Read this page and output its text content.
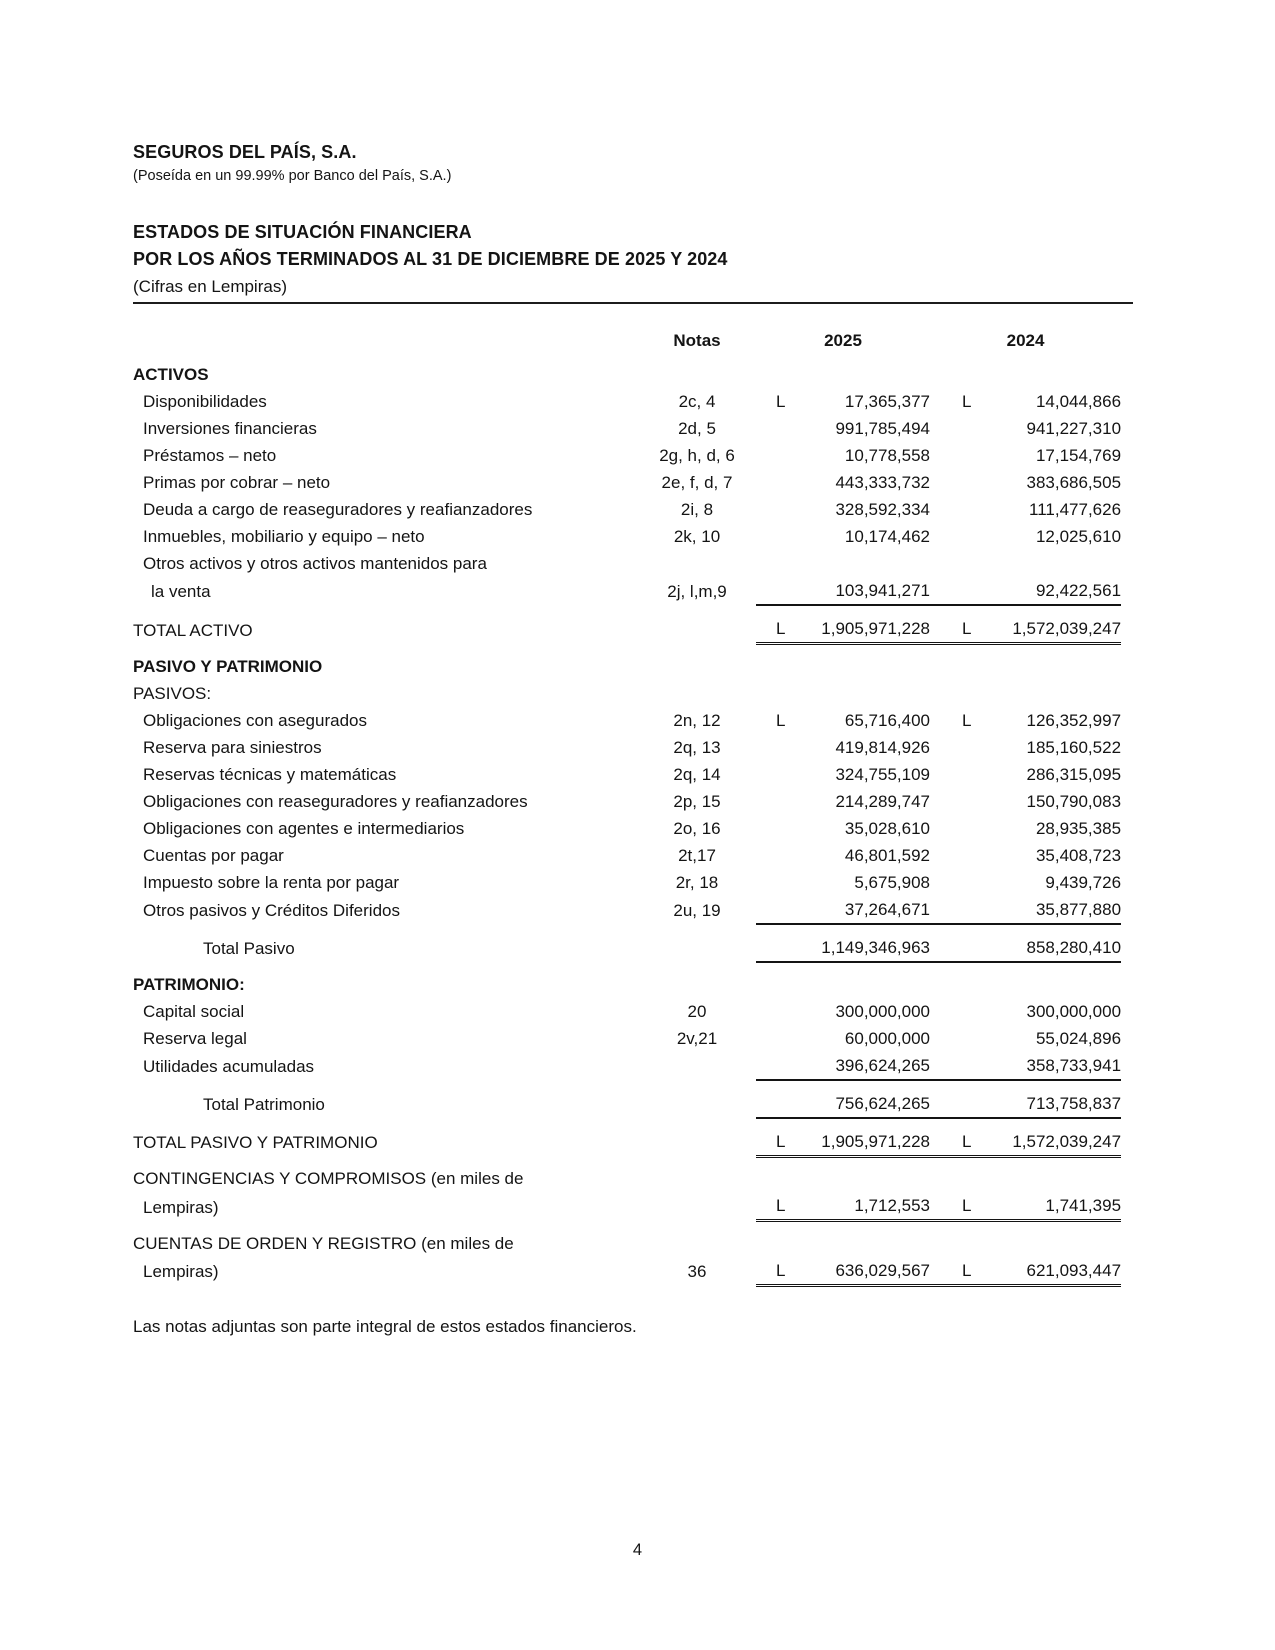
SEGUROS DEL PAÍS, S.A.
(Poseída en un 99.99% por Banco del País, S.A.)
ESTADOS DE SITUACIÓN FINANCIERA
POR LOS AÑOS TERMINADOS AL 31 DE DICIEMBRE DE 2025 Y 2024
(Cifras en Lempiras)
	Notas	2025		2024	
ACTIVOS					
Disponibilidades	2c, 4	L	17,365,377	L	14,044,866
Inversiones financieras	2d, 5		991,785,494		941,227,310
Préstamos – neto	2g, h, d, 6		10,778,558		17,154,769
Primas por cobrar – neto	2e, f, d, 7		443,333,732		383,686,505
Deuda a cargo de reaseguradores y reafianzadores	2i, 8		328,592,334		111,477,626
Inmuebles, mobiliario y equipo – neto	2k, 10		10,174,462		12,025,610
Otros activos y otros activos mantenidos para					
la venta	2j, l,m,9		103,941,271		92,422,561
TOTAL ACTIVO		L	1,905,971,228	L	1,572,039,247
PASIVO Y PATRIMONIO					
PASIVOS:					
Obligaciones con asegurados	2n, 12	L	65,716,400	L	126,352,997
Reserva para siniestros	2q, 13		419,814,926		185,160,522
Reservas técnicas y matemáticas	2q, 14		324,755,109		286,315,095
Obligaciones con reaseguradores y reafianzadores	2p, 15		214,289,747		150,790,083
Obligaciones con agentes e intermediarios	2o, 16		35,028,610		28,935,385
Cuentas por pagar	2t,17		46,801,592		35,408,723
Impuesto sobre la renta por pagar	2r, 18		5,675,908		9,439,726
Otros pasivos y Créditos Diferidos	2u, 19		37,264,671		35,877,880
Total Pasivo			1,149,346,963		858,280,410
PATRIMONIO:					
Capital social	20		300,000,000		300,000,000
Reserva legal	2v,21		60,000,000		55,024,896
Utilidades acumuladas			396,624,265		358,733,941
Total Patrimonio			756,624,265		713,758,837
TOTAL PASIVO Y PATRIMONIO		L	1,905,971,228	L	1,572,039,247
CONTINGENCIAS Y COMPROMISOS (en miles de					
Lempiras)		L	1,712,553	L	1,741,395
CUENTAS DE ORDEN Y REGISTRO (en miles de					
Lempiras)	36	L	636,029,567	L	621,093,447

Las notas adjuntas son parte integral de estos estados financieros.

4
